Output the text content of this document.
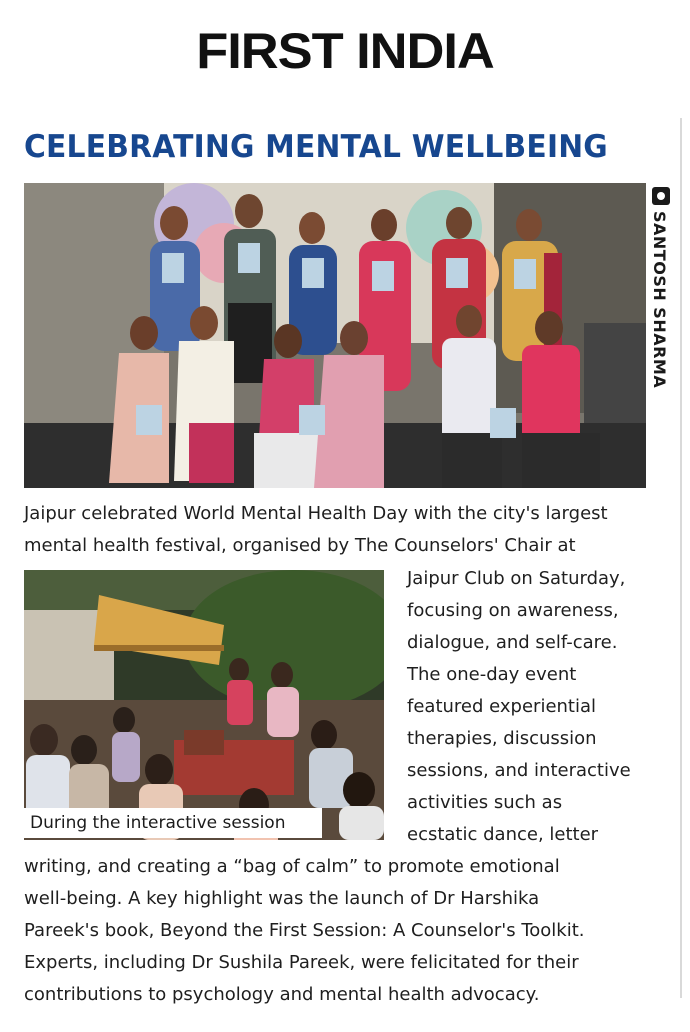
FIRST INDIA
CELEBRATING MENTAL WELLBEING
SANTOSH SHARMA
Jaipur celebrated World Mental Health Day with the city's largest
mental health festival, organised by The Counselors' Chair at
Jaipur Club on Saturday,
focusing on awareness,
dialogue, and self-care.
The one-day event
featured experiential
therapies, discussion
sessions, and interactive
activities such as
ecstatic dance, letter
writing, and creating a “bag of calm” to promote emotional
well-being. A key highlight was the launch of Dr Harshika
Pareek's book, Beyond the First Session: A Counselor's Toolkit.
Experts, including Dr Sushila Pareek, were felicitated for their
contributions to psychology and mental health advocacy.
During the interactive session
